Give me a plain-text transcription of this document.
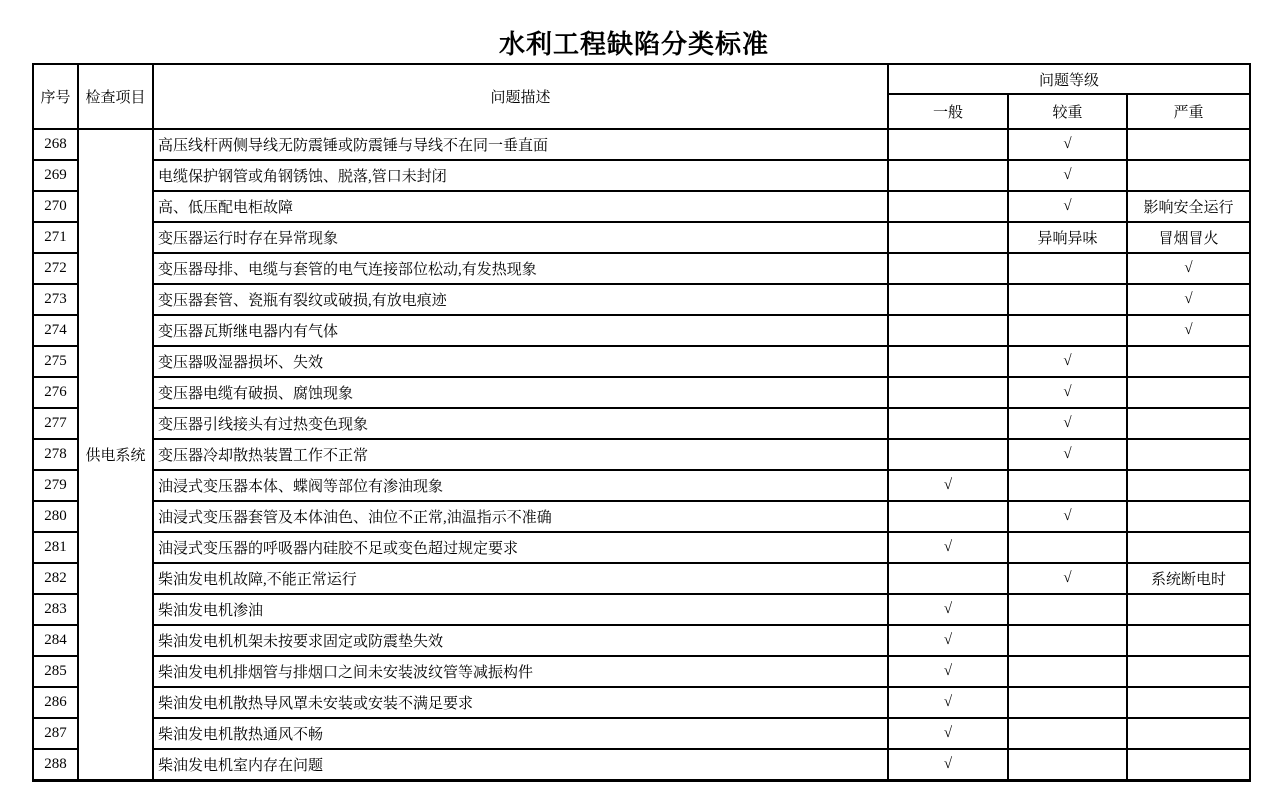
水利工程缺陷分类标准
序号	检查项目	问题描述	问题等级		
			一般	较重	严重
268	供电系统	高压线杆两侧导线无防震锤或防震锤与导线不在同一垂直面		√	
269		电缆保护钢管或角钢锈蚀、脱落,管口未封闭		√	
270		高、低压配电柜故障		√	影响安全运行
271		变压器运行时存在异常现象		异响异味	冒烟冒火
272		变压器母排、电缆与套管的电气连接部位松动,有发热现象			√
273		变压器套管、瓷瓶有裂纹或破损,有放电痕迹			√
274		变压器瓦斯继电器内有气体			√
275		变压器吸湿器损坏、失效		√	
276		变压器电缆有破损、腐蚀现象		√	
277		变压器引线接头有过热变色现象		√	
278		变压器冷却散热装置工作不正常		√	
279		油浸式变压器本体、蝶阀等部位有渗油现象	√		
280		油浸式变压器套管及本体油色、油位不正常,油温指示不准确		√	
281		油浸式变压器的呼吸器内硅胶不足或变色超过规定要求	√		
282		柴油发电机故障,不能正常运行		√	系统断电时
283		柴油发电机渗油	√		
284		柴油发电机机架未按要求固定或防震垫失效	√		
285		柴油发电机排烟管与排烟口之间未安装波纹管等减振构件	√		
286		柴油发电机散热导风罩未安装或安装不满足要求	√		
287		柴油发电机散热通风不畅	√		
288		柴油发电机室内存在问题	√		
